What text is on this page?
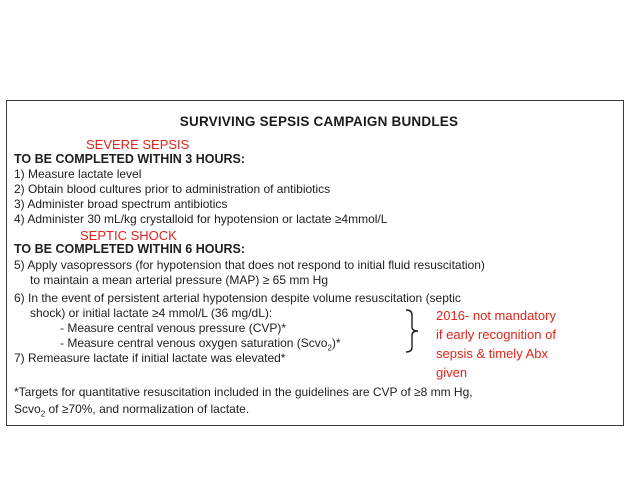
SURVIVING SEPSIS CAMPAIGN BUNDLES
SEVERE SEPSIS
TO BE COMPLETED WITHIN 3 HOURS:
1) Measure lactate level
2) Obtain blood cultures prior to administration of antibiotics
3) Administer broad spectrum antibiotics
4) Administer 30 mL/kg crystalloid for hypotension or lactate ≥4mmol/L
SEPTIC SHOCK
TO BE COMPLETED WITHIN 6 HOURS:
5) Apply vasopressors (for hypotension that does not respond to initial fluid resuscitation)
to maintain a mean arterial pressure (MAP) ≥ 65 mm Hg
6) In the event of persistent arterial hypotension despite volume resuscitation (septic
shock) or initial lactate ≥4 mmol/L (36 mg/dL):
- Measure central venous pressure (CVP)*
- Measure central venous oxygen saturation (Scvo$_2$)*
7) Remeasure lactate if initial lactate was elevated*
2016- not mandatory
if early recognition of
sepsis & timely Abx
given
*Targets for quantitative resuscitation included in the guidelines are CVP of ≥8 mm Hg,
Scvo$_2$ of ≥70%, and normalization of lactate.
